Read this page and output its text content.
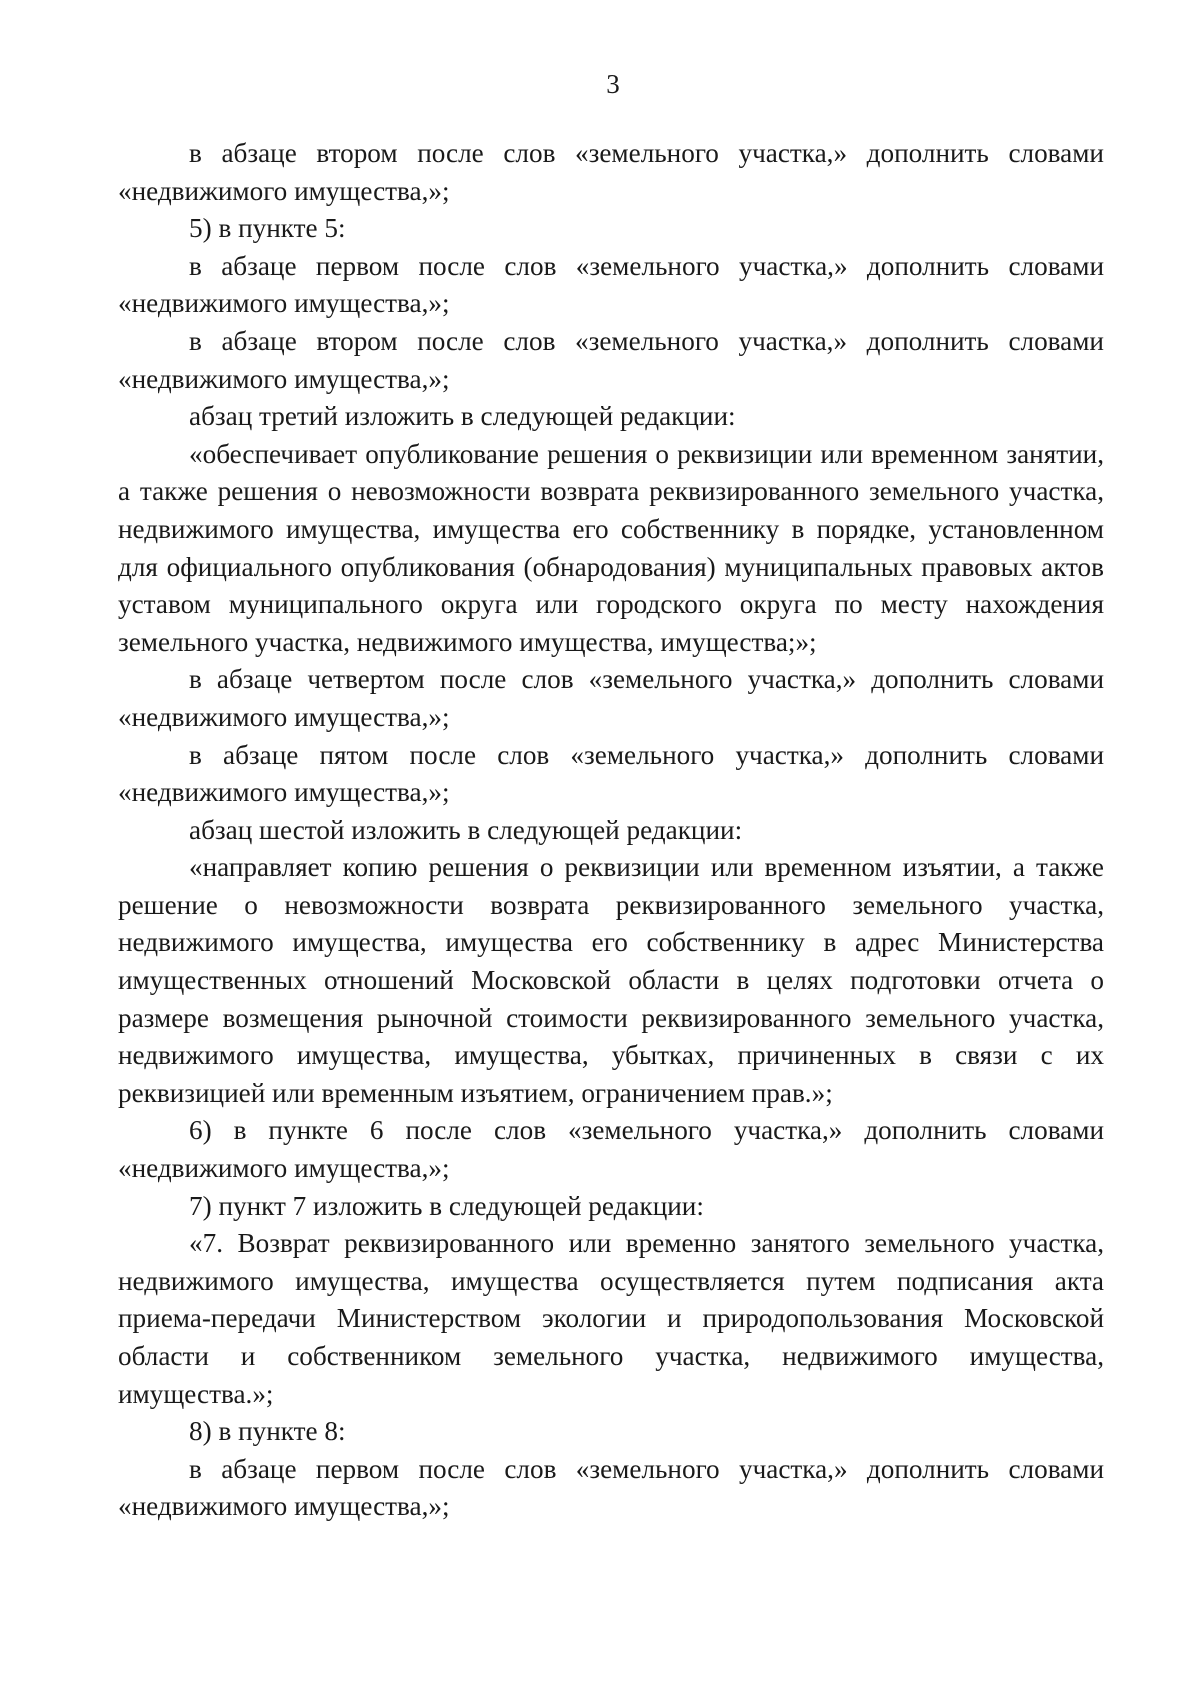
3

в абзаце втором после слов «земельного участка,» дополнить словами «недвижимого имущества,»;

5) в пункте 5:

в абзаце первом после слов «земельного участка,» дополнить словами «недвижимого имущества,»;

в абзаце втором после слов «земельного участка,» дополнить словами «недвижимого имущества,»;

абзац третий изложить в следующей редакции:

«обеспечивает опубликование решения о реквизиции или временном занятии, а также решения о невозможности возврата реквизированного земельного участка, недвижимого имущества, имущества его собственнику в порядке, установленном для официального опубликования (обнародования) муниципальных правовых актов уставом муниципального округа или городского округа по месту нахождения земельного участка, недвижимого имущества, имущества;»;

в абзаце четвертом после слов «земельного участка,» дополнить словами «недвижимого имущества,»;

в абзаце пятом после слов «земельного участка,» дополнить словами «недвижимого имущества,»;

абзац шестой изложить в следующей редакции:

«направляет копию решения о реквизиции или временном изъятии, а также решение о невозможности возврата реквизированного земельного участка, недвижимого имущества, имущества его собственнику в адрес Министерства имущественных отношений Московской области в целях подготовки отчета о размере возмещения рыночной стоимости реквизированного земельного участка, недвижимого имущества, имущества, убытках, причиненных в связи с их реквизицией или временным изъятием, ограничением прав.»;

6) в пункте 6 после слов «земельного участка,» дополнить словами «недвижимого имущества,»;

7) пункт 7 изложить в следующей редакции:

«7. Возврат реквизированного или временно занятого земельного участка, недвижимого имущества, имущества осуществляется путем подписания акта приема-передачи Министерством экологии и природопользования Московской области и собственником земельного участка, недвижимого имущества, имущества.»;

8) в пункте 8:

в абзаце первом после слов «земельного участка,» дополнить словами «недвижимого имущества,»;
